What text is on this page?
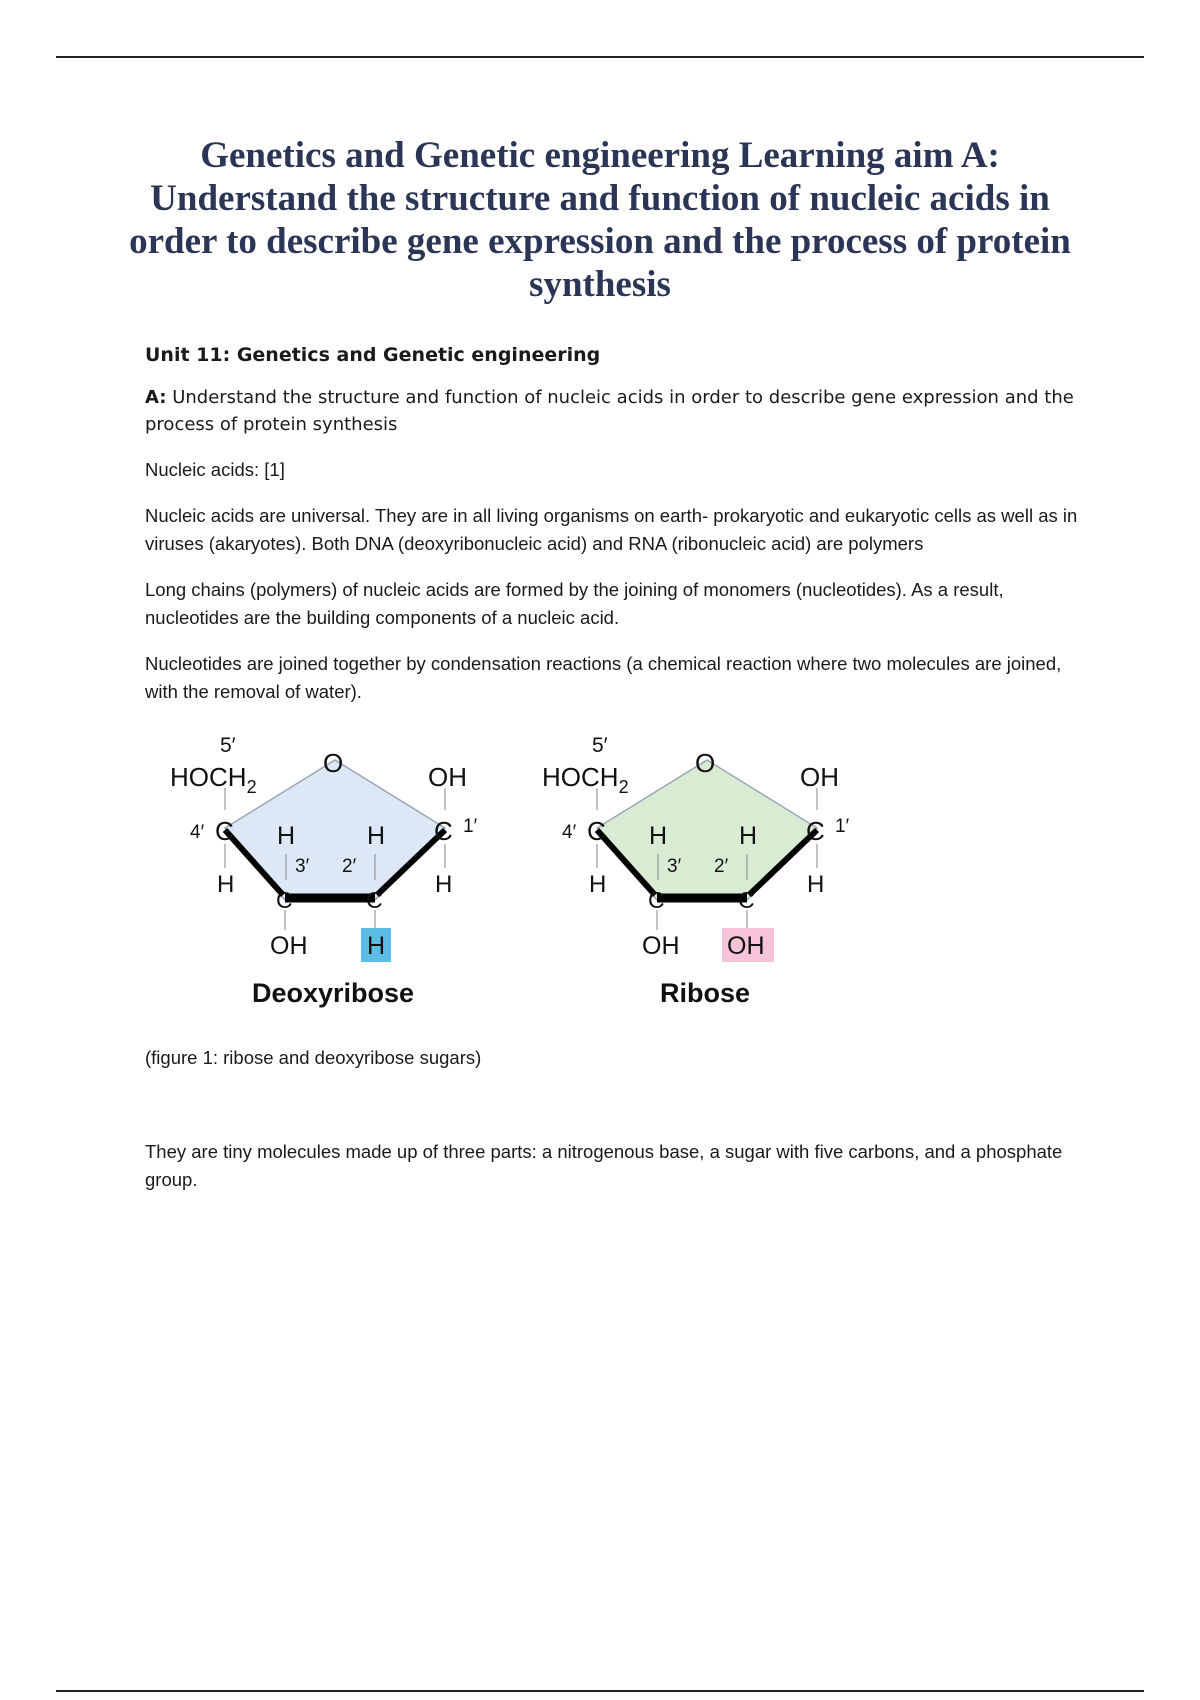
Genetics and Genetic engineering Learning aim A: Understand the structure and function of nucleic acids in order to describe gene expression and the process of protein synthesis
Unit 11: Genetics and Genetic engineering

A: Understand the structure and function of nucleic acids in order to describe gene expression and the process of protein synthesis

Nucleic acids: [1]

Nucleic acids are universal. They are in all living organisms on earth- prokaryotic and eukaryotic cells as well as in viruses (akaryotes). Both DNA (deoxyribonucleic acid) and RNA (ribonucleic acid) are polymers

Long chains (polymers) of nucleic acids are formed by the joining of monomers (nucleotides). As a result, nucleotides are the building components of a nucleic acid.

Nucleotides are joined together by condensation reactions (a chemical reaction where two molecules are joined, with the removal of water).

5′
$HOCH_2$
O	OH
4′ C
H
H	H
3′ 2′
C	C
C 1′
H
OH H
Deoxyribose
5′
$HOCH_2$
O	OH
4′ C
H
H	H
3′ 2′
C	C
C 1′
H
OH OH
Ribose

(figure 1: ribose and deoxyribose sugars)

They are tiny molecules made up of three parts: a nitrogenous base, a sugar with five carbons, and a phosphate group.
